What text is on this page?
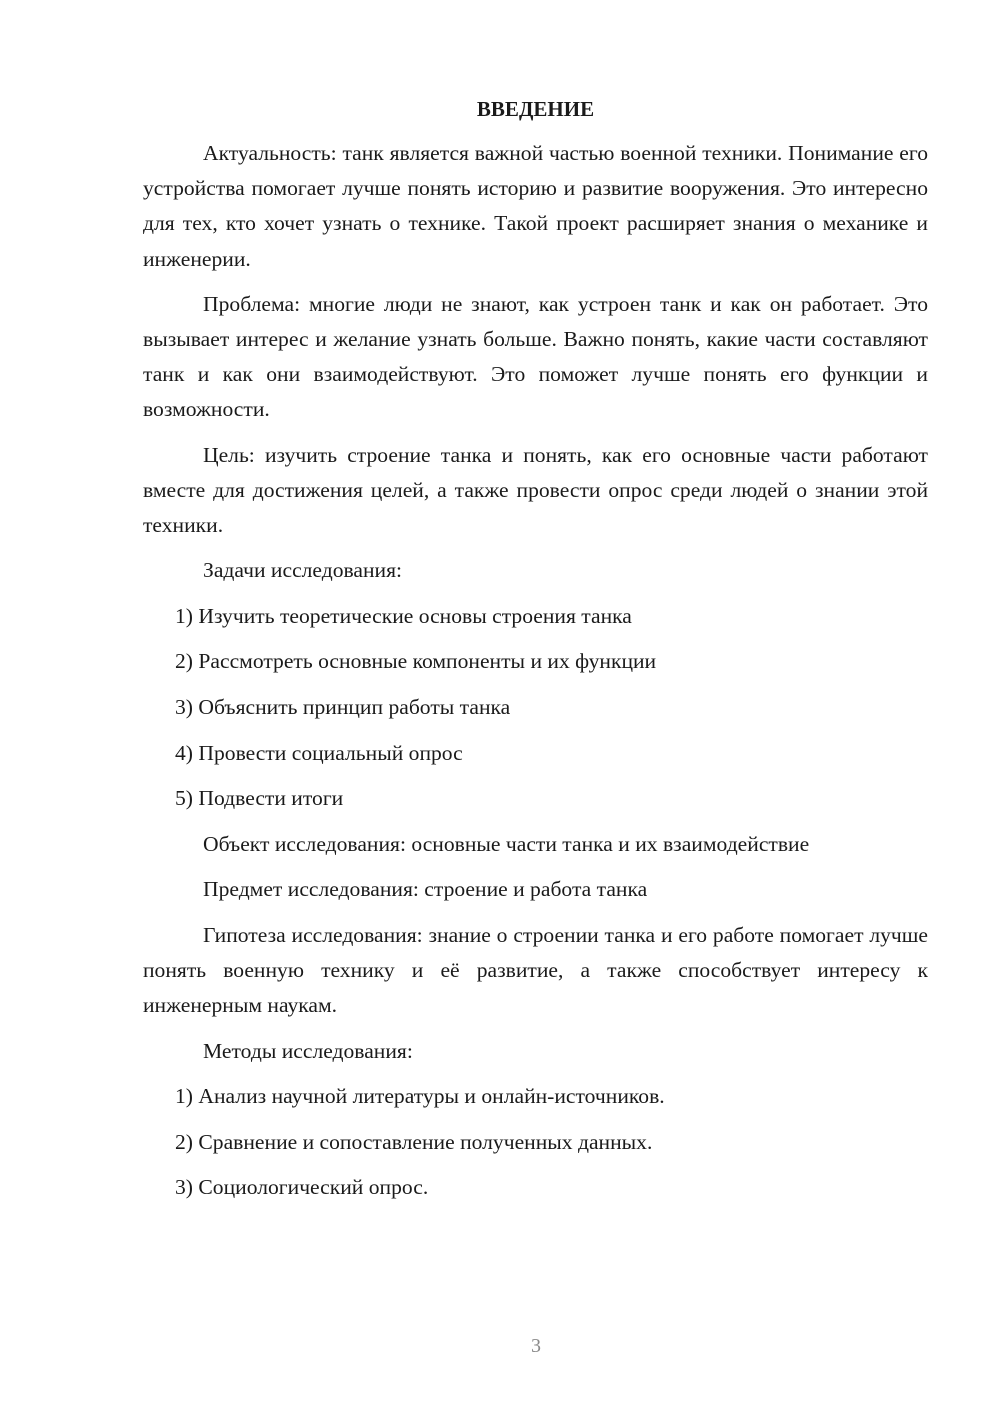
ВВЕДЕНИЕ

Актуальность: танк является важной частью военной техники. Понимание его устройства помогает лучше понять историю и развитие вооружения. Это интересно для тех, кто хочет узнать о технике. Такой проект расширяет знания о механике и инженерии.

Проблема: многие люди не знают, как устроен танк и как он работает. Это вызывает интерес и желание узнать больше. Важно понять, какие части составляют танк и как они взаимодействуют. Это поможет лучше понять его функции и возможности.

Цель: изучить строение танка и понять, как его основные части работают вместе для достижения целей, а также провести опрос среди людей о знании этой техники.

Задачи исследования:
1) Изучить теоретические основы строения танка
2) Рассмотреть основные компоненты и их функции
3) Объяснить принцип работы танка
4) Провести социальный опрос
5) Подвести итоги
Объект исследования: основные части танка и их взаимодействие
Предмет исследования: строение и работа танка

Гипотеза исследования: знание о строении танка и его работе помогает лучше понять военную технику и её развитие, а также способствует интересу к инженерным наукам.

Методы исследования:
1) Анализ научной литературы и онлайн-источников.
2) Сравнение и сопоставление полученных данных.
3) Социологический опрос.
3
